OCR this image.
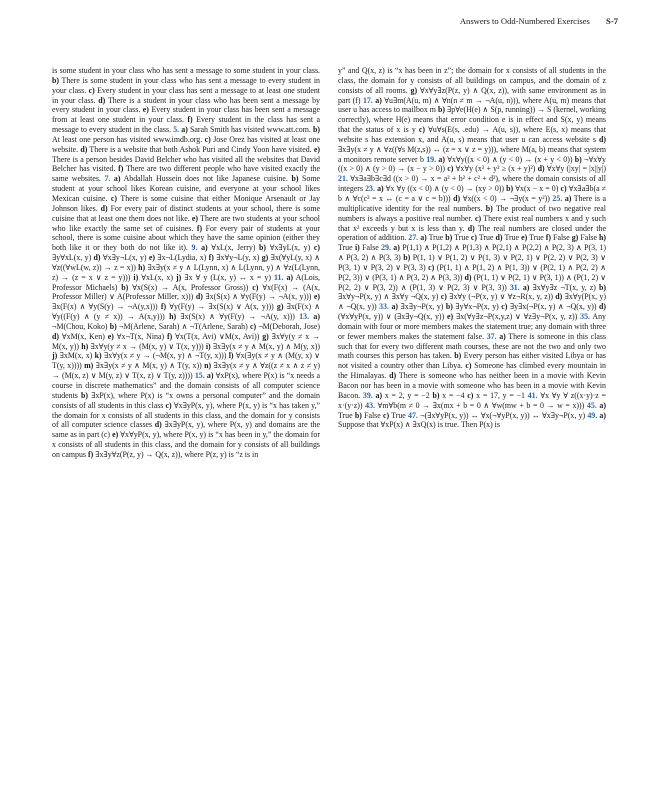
Answers to Odd-Numbered Exercises S-7

is some student in your class who has sent a message to some student in your class. b) There is some student in your class who has sent a message to every student in your class. c) Every student in your class has sent a message to at least one student in your class. d) There is a student in your class who has been sent a message by every student in your class. e) Every student in your class has been sent a message from at least one student in your class. f) Every student in the class has sent a message to every student in the class. 5. a) Sarah Smith has visited www.att.com. b) At least one person has visited www.imdb.org. c) Jose Orez has visited at least one website. d) There is a website that both Ashok Puri and Cindy Yoon have visited. e) There is a person besides David Belcher who has visited all the websites that David Belcher has visited. f) There are two different people who have visited exactly the same websites. 7. a) Abdallah Hussein does not like Japanese cuisine. b) Some student at your school likes Korean cuisine, and everyone at your school likes Mexican cuisine. c) There is some cuisine that either Monique Arsenault or Jay Johnson likes. d) For every pair of distinct students at your school, there is some cuisine that at least one them does not like. e) There are two students at your school who like exactly the same set of cuisines. f) For every pair of students at your school, there is some cuisine about which they have the same opinion (either they both like it or they both do not like it). 9. a) ∀xL(x, Jerry) b) ∀x∃yL(x, y) c) ∃y∀xL(x, y) d) ∀x∃y¬L(x, y) e) ∃x¬L(Lydia, x) f) ∃x∀y¬L(y, x) g) ∃x(∀yL(y, x) ∧ ∀z((∀wL(w, z)) → z = x)) h) ∃x∃y(x ≠ y ∧ L(Lynn, x) ∧ L(Lynn, y) ∧ ∀z(L(Lynn, z) → (z = x ∨ z = y))) i) ∀xL(x, x) j) ∃x ∀ y (L(x, y) ↔ x = y) 11. a) A(Lois, Professor Michaels) b) ∀x(S(x) → A(x, Professor Gross)) c) ∀x(F(x) → (A(x, Professor Miller) ∨ A(Professor Miller, x))) d) ∃x(S(x) ∧ ∀y(F(y) → ¬A(x, y))) e) ∃x(F(x) ∧ ∀y(S(y) → ¬A(y,x))) f) ∀y(F(y) → ∃x(S(x) ∨ A(x, y))) g) ∃x(F(x) ∧ ∀y((F(y) ∧ (y ≠ x)) → A(x,y))) h) ∃x(S(x) ∧ ∀y(F(y) → ¬A(y, x))) 13. a) ¬M(Chou, Koko) b) ¬M(Arlene, Sarah) ∧ ¬T(Arlene, Sarah) c) ¬M(Deborah, Jose) d) ∀xM(x, Ken) e) ∀x¬T(x, Nina) f) ∀x(T(x, Avi) ∨M(x, Avi)) g) ∃x∀y(y ≠ x → M(x, y)) h) ∃x∀y(y ≠ x → (M(x, y) ∨ T(x, y))) i) ∃x∃y(x ≠ y ∧ M(x, y) ∧ M(y, x)) j) ∃xM(x, x) k) ∃x∀y(x ≠ y → (¬M(x, y) ∧ ¬T(y, x))) l) ∀x(∃y(x ≠ y ∧ (M(y, x) ∨ T(y, x)))) m) ∃x∃y(x ≠ y ∧ M(x, y) ∧ T(y, x)) n) ∃x∃y(x ≠ y ∧ ∀z((z ≠ x ∧ z ≠ y) → (M(x, z) ∨ M(y, z) ∨ T(x, z) ∨ T(y, z)))) 15. a) ∀xP(x), where P(x) is “x needs a course in discrete mathematics” and the domain consists of all computer science students b) ∃xP(x), where P(x) is “x owns a personal computer” and the domain consists of all students in this class c) ∀x∃yP(x, y), where P(x, y) is “x has taken y,” the domain for x consists of all students in this class, and the domain for y consists of all computer science classes d) ∃x∃yP(x, y), where P(x, y) and domains are the same as in part (c) e) ∀x∀yP(x, y), where P(x, y) is “x has been in y,” the domain for x consists of all students in this class, and the domain for y consists of all buildings on campus f) ∃x∃y∀z(P(z, y) → Q(x, z)), where P(z, y) is “z is in

y” and Q(x, z) is “x has been in z”; the domain for x consists of all students in the class, the domain for y consists of all buildings on campus, and the domain of z consists of all rooms. g) ∀x∀y∃z(P(z, y) ∧ Q(x, z)), with same environment as in part (f) 17. a) ∀u∃m(A(u, m) ∧ ∀n(n ≠ m → ¬A(u, n))), where A(u, m) means that user u has access to mailbox m b) ∃p∀e(H(e) ∧ S(p, running)) → S (kernel, working correctly), where H(e) means that error condition e is in effect and S(x, y) means that the status of x is y c) ∀u∀s(E(s, .edu) → A(u, s)), where E(s, x) means that website s has extension x, and A(u, s) means that user u can access website s d) ∃x∃y(x ≠ y ∧ ∀z((∀s M(z,s)) ↔ (z = x ∨ z = y))), where M(a, b) means that system a monitors remote server b 19. a) ∀x∀y((x < 0) ∧ (y < 0) → (x + y < 0)) b) ¬∀x∀y ((x > 0) ∧ (y > 0) → (x − y > 0)) c) ∀x∀y (x² + y² ≥ (x + y)²) d) ∀x∀y (|xy| = |x||y|) 21. ∀x∃a∃b∃c∃d ((x > 0) → x = a² + b² + c² + d²), where the domain consists of all integers 23. a) ∀x ∀y ((x < 0) ∧ (y < 0) → (xy > 0)) b) ∀x(x − x = 0) c) ∀x∃a∃b(a ≠ b ∧ ∀c(c² = x ↔ (c = a ∨ c = b))) d) ∀x((x < 0) → ¬∃y(x = y²)) 25. a) There is a multiplicative identity for the real numbers. b) The product of two negative real numbers is always a positive real number. c) There exist real numbers x and y such that x² exceeds y but x is less than y. d) The real numbers are closed under the operation of addition. 27. a) True b) True c) True d) True e) True f) False g) False h) True i) False 29. a) P(1,1) ∧ P(1,2) ∧ P(1,3) ∧ P(2,1) ∧ P(2,2) ∧ P(2, 3) ∧ P(3, 1) ∧ P(3, 2) ∧ P(3, 3) b) P(1, 1) ∨ P(1, 2) ∨ P(1, 3) ∨ P(2, 1) ∨ P(2, 2) ∨ P(2, 3) ∨ P(3, 1) ∨ P(3, 2) ∨ P(3, 3) c) (P(1, 1) ∧ P(1, 2) ∧ P(1, 3)) ∨ (P(2, 1) ∧ P(2, 2) ∧ P(2, 3)) ∨ (P(3, 1) ∧ P(3, 2) ∧ P(3, 3)) d) (P(1, 1) ∨ P(2, 1) ∨ P(3, 1)) ∧ (P(1, 2) ∨ P(2, 2) ∨ P(3, 2)) ∧ (P(1, 3) ∨ P(2, 3) ∨ P(3, 3)) 31. a) ∃x∀y∃z ¬T(x, y, z) b) ∃x∀y¬P(x, y) ∧ ∃x∀y ¬Q(x, y) c) ∃x∀y (¬P(x, y) ∨ ∀z¬R(x, y, z)) d) ∃x∀y(P(x, y) ∧ ¬Q(x, y)) 33. a) ∃x∃y¬P(x, y) b) ∃y∀x¬P(x, y) c) ∃y∃x(¬P(x, y) ∧ ¬Q(x, y)) d) (∀x∀yP(x, y)) ∨ (∃x∃y¬Q(x, y)) e) ∃x(∀y∃z¬P(x,y,z) ∨ ∀z∃y¬P(x, y, z)) 35. Any domain with four or more members makes the statement true; any domain with three or fewer members makes the statement false. 37. a) There is someone in this class such that for every two different math courses, these are not the two and only two math courses this person has taken. b) Every person has either visited Libya or has not visited a country other than Libya. c) Someone has climbed every mountain in the Himalayas. d) There is someone who has neither been in a movie with Kevin Bacon nor has been in a movie with someone who has been in a movie with Kevin Bacon. 39. a) x = 2, y = −2 b) x = −4 c) x = 17, y = −1 41. ∀x ∀y ∀ z((x·y)·z = x·(y·z)) 43. ∀m∀b(m ≠ 0 → ∃x(mx + b = 0 ∧ ∀w(mw + b = 0 → w = x))) 45. a) True b) False c) True 47. ¬(∃x∀yP(x, y)) ↔ ∀x(¬∀yP(x, y)) ↔ ∀x∃y¬P(x, y) 49. a) Suppose that ∀xP(x) ∧ ∃xQ(x) is true. Then P(x) is
